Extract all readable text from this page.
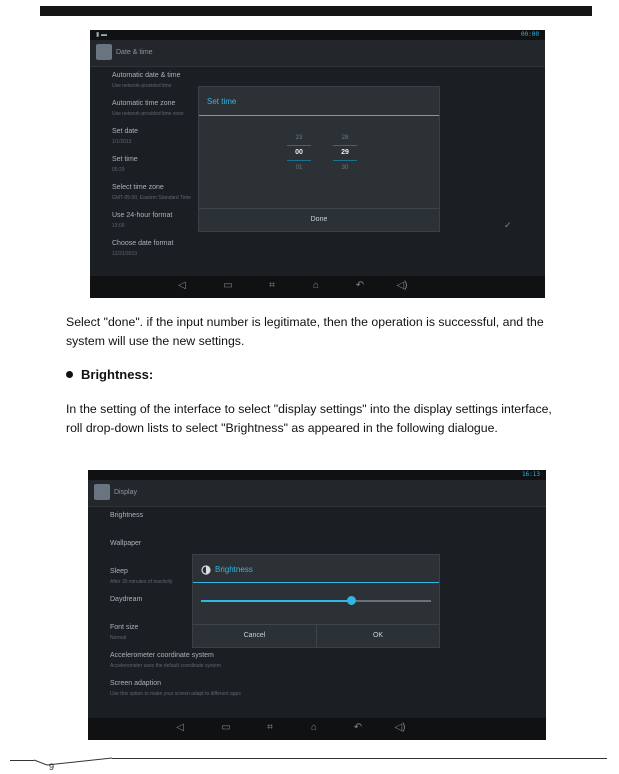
▮ ▬	00:00
Date & time
Automatic date & time
Use network-provided time
Automatic time zone
Use network-provided time zone
Set date
1/1/2013
Set time
00:29
Select time zone
GMT-05:00, Eastern Standard Time
Use 24-hour format
13:00
Choose date format
12/31/2013
✓
Set time
23
00
01
28
29
30
Done
◁	▭	⌗	⌂	↶	◁)

Select "done". if the input number is legitimate, then the operation is successful, and the system will use the new settings.

Brightness:

In the setting of the interface to select "display settings" into the display settings interface, roll drop-down lists to select "Brightness" as appeared in the following dialogue.

16:13
Display
Brightness
Wallpaper
Sleep
After 30 minutes of inactivity
Daydream
Font size
Normal
Accelerometer coordinate system
Accelerometer uses the default coordinate system
Screen adaption
Use this option to make your screen adapt to different apps
Brightness
Cancel	OK
◁	▭	⌗	⌂	↶	◁)
9
